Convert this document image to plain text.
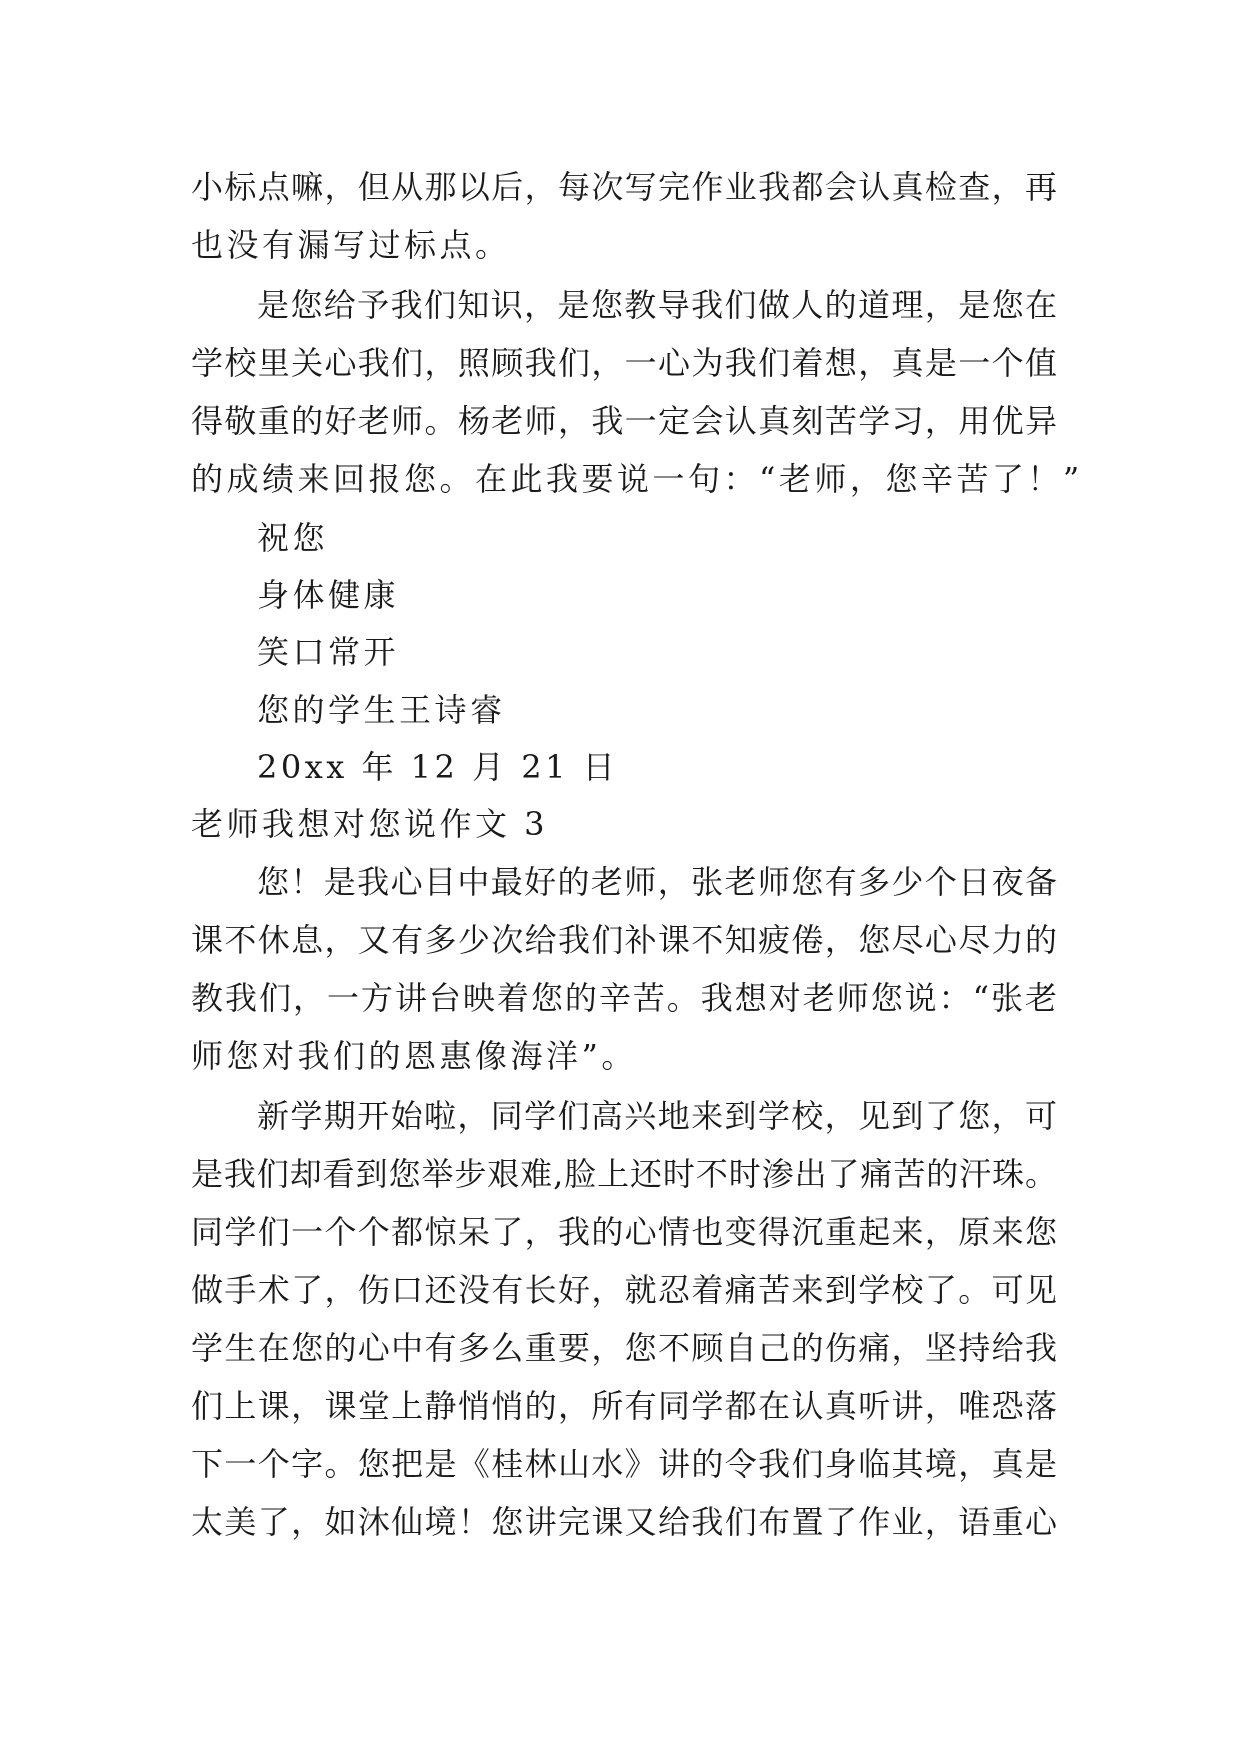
小标点嘛，但从那以后，每次写完作业我都会认真检查，再
也没有漏写过标点。
是您给予我们知识，是您教导我们做人的道理，是您在
学校里关心我们，照顾我们，一心为我们着想，真是一个值
得敬重的好老师。杨老师，我一定会认真刻苦学习，用优异
的成绩来回报您。在此我要说一句：“老师，您辛苦了！”
祝您
身体健康
笑口常开
您的学生王诗睿
20xx 年 12 月 21 日
老师我想对您说作文 3
您！是我心目中最好的老师，张老师您有多少个日夜备
课不休息，又有多少次给我们补课不知疲倦，您尽心尽力的
教我们，一方讲台映着您的辛苦。我想对老师您说：“张老
师您对我们的恩惠像海洋”。
新学期开始啦，同学们高兴地来到学校，见到了您，可
是我们却看到您举步艰难,脸上还时不时渗出了痛苦的汗珠。
同学们一个个都惊呆了，我的心情也变得沉重起来，原来您
做手术了，伤口还没有长好，就忍着痛苦来到学校了。可见
学生在您的心中有多么重要，您不顾自己的伤痛，坚持给我
们上课，课堂上静悄悄的，所有同学都在认真听讲，唯恐落
下一个字。您把是《桂林山水》讲的令我们身临其境，真是
太美了，如沐仙境！您讲完课又给我们布置了作业，语重心
